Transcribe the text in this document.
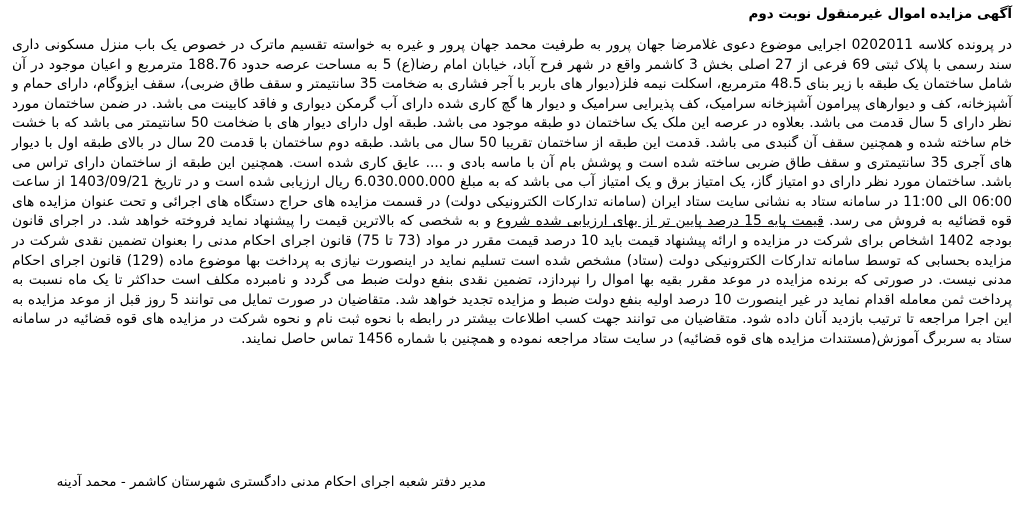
آگهی مزایده اموال غیرمنقول نوبت دوم

در پرونده کلاسه 0202011 اجرایی موضوع دعوی غلامرضا جهان پرور به طرفیت محمد جهان پرور و غیره به خواسته تقسیم ماترک در خصوص یک باب منزل مسکونی داری سند رسمی با پلاک ثبتی 69 فرعی از 27 اصلی بخش 3 کاشمر واقع در شهر فرح آباد، خیابان امام رضا(ع) 5 به مساحت عرصه حدود 188.76 مترمربع و اعیان موجود در آن شامل ساختمان یک طبقه با زیر بنای 48.5 مترمربع، اسکلت نیمه فلز(دیوار های باربر با آجر فشاری به ضخامت 35 سانتیمتر و سقف طاق ضربی)، سقف ایزوگام، دارای حمام و آشپزخانه، کف و دیوارهای پیرامون آشپزخانه سرامیک، کف پذیرایی سرامیک و دیوار ها گچ کاری شده دارای آب گرمکن دیواری و فاقد کابینت می باشد. در ضمن ساختمان مورد نظر دارای 5 سال قدمت می باشد. بعلاوه در عرصه این ملک یک ساختمان دو طبقه موجود می باشد. طبقه اول دارای دیوار های با ضخامت 50 سانتیمتر می باشد که با خشت خام ساخته شده و همچنین سقف آن گنبدی می باشد. قدمت این طبقه از ساختمان تقریبا 50 سال می باشد. طبقه دوم ساختمان با قدمت 20 سال در بالای طبقه اول با دیوار های آجری 35 سانتیمتری و سقف طاق ضربی ساخته شده است و پوشش بام آن با ماسه بادی و .... عایق کاری شده است. همچنین این طبقه از ساختمان دارای تراس می باشد. ساختمان مورد نظر دارای دو امتیاز گاز، یک امتیاز برق و یک امتیاز آب می باشد که به مبلغ 6.030.000.000 ریال ارزیابی شده است و در تاریخ 1403/09/21 از ساعت 06:00 الی 11:00 در سامانه ستاد به نشانی سایت ستاد ایران (سامانه تدارکات الکترونیکی دولت) در قسمت مزایده های حراج دستگاه های اجرائی و تحت عنوان مزایده های قوه قضائیه به فروش می رسد. قیمت پایه 15 درصد پایین تر از بهای ارزیابی شده شروع و به شخصی که بالاترین قیمت را پیشنهاد نماید فروخته خواهد شد. در اجرای قانون بودجه 1402 اشخاص برای شرکت در مزایده و ارائه پیشنهاد قیمت باید 10 درصد قیمت مقرر در مواد (73 تا 75) قانون اجرای احکام مدنی را بعنوان تضمین نقدی شرکت در مزایده بحسابی که توسط سامانه تدارکات الکترونیکی دولت (ستاد) مشخص شده است تسلیم نماید در اینصورت نیازی به پرداخت بها موضوع ماده (129) قانون اجرای احکام مدنی نیست. در صورتی که برنده مزایده در موعد مقرر بقیه بها اموال را نپردازد، تضمین نقدی بنفع دولت ضبط می گردد و نامبرده مکلف است حداکثر تا یک ماه نسبت به پرداخت ثمن معامله اقدام نماید در غیر اینصورت 10 درصد اولیه بنفع دولت ضبط و مزایده تجدید خواهد شد. متقاضیان در صورت تمایل می توانند 5 روز قبل از موعد مزایده به این اجرا مراجعه تا ترتیب بازدید آنان داده شود. متقاضیان می توانند جهت کسب اطلاعات بیشتر در رابطه با نحوه ثبت نام و نحوه شرکت در مزایده های قوه قضائیه در سامانه ستاد به سربرگ آموزش(مستندات مزایده های قوه قضائیه) در سایت ستاد مراجعه نموده و همچنین با شماره 1456 تماس حاصل نمایند.

مدیر دفتر شعبه اجرای احکام مدنی دادگستری شهرستان کاشمر - محمد آدینه
